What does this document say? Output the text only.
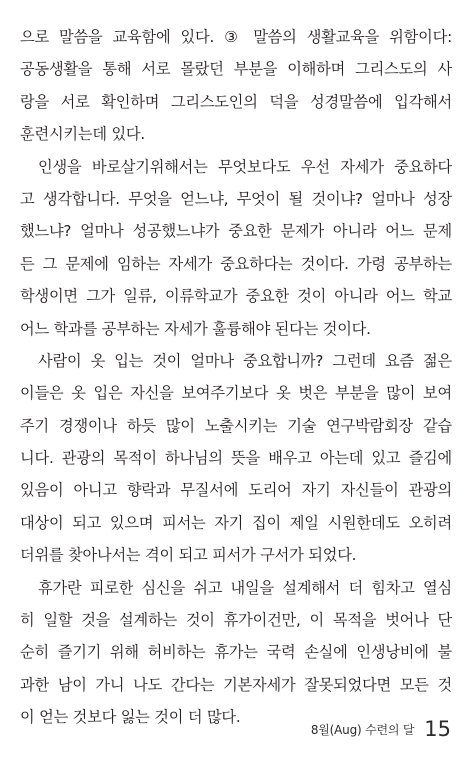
으로 말씀을 교육함에 있다. ③ 말씀의 생활교육을 위함이다:
공동생활을 통해 서로 몰랐던 부분을 이해하며 그리스도의 사
랑을 서로 확인하며 그리스도인의 덕을 성경말씀에 입각해서
훈련시키는데 있다.
인생을 바로살기위해서는 무엇보다도 우선 자세가 중요하다
고 생각합니다. 무엇을 얻느냐, 무엇이 될 것이냐? 얼마나 성장
했느냐? 얼마나 성공했느냐가 중요한 문제가 아니라 어느 문제
든 그 문제에 임하는 자세가 중요하다는 것이다. 가령 공부하는
학생이면 그가 일류, 이류학교가 중요한 것이 아니라 어느 학교
어느 학과를 공부하는 자세가 훌륭해야 된다는 것이다.
사람이 옷 입는 것이 얼마나 중요합니까? 그런데 요즘 젊은
이들은 옷 입은 자신을 보여주기보다 옷 벗은 부분을 많이 보여
주기 경쟁이나 하듯 많이 노출시키는 기술 연구박람회장 같습
니다. 관광의 목적이 하나님의 뜻을 배우고 아는데 있고 즐김에
있음이 아니고 향락과 무질서에 도리어 자기 자신들이 관광의
대상이 되고 있으며 피서는 자기 집이 제일 시원한데도 오히려
더위를 찾아나서는 격이 되고 피서가 구서가 되었다.
휴가란 피로한 심신을 쉬고 내일을 설계해서 더 힘차고 열심
히 일할 것을 설계하는 것이 휴가이건만, 이 목적을 벗어나 단
순히 즐기기 위해 허비하는 휴가는 국력 손실에 인생낭비에 불
과한 남이 가니 나도 간다는 기본자세가 잘못되었다면 모든 것
이 얻는 것보다 잃는 것이 더 많다.
8월(Aug) 수련의 달 15
